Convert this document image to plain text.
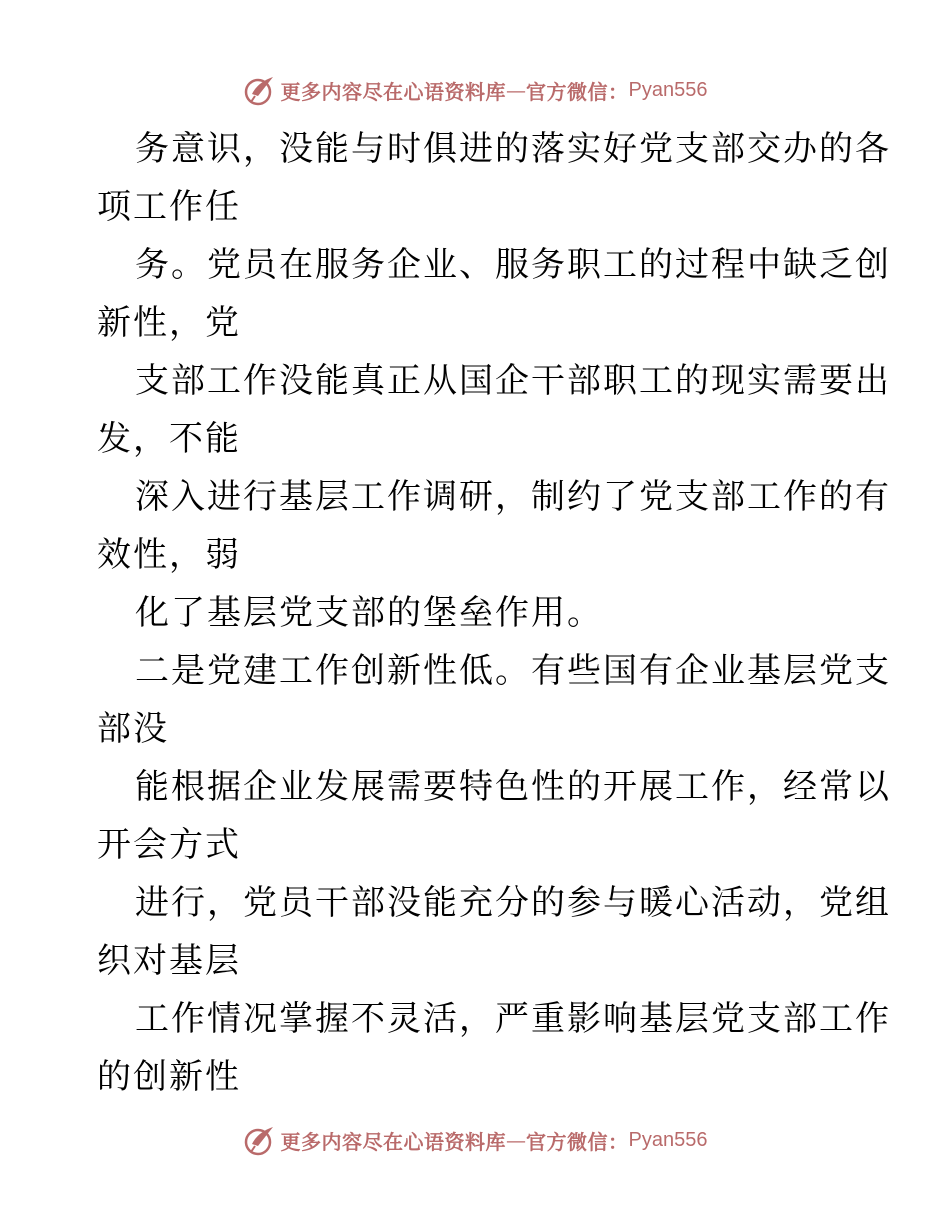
更多内容尽在心语资料库 — 官方微信： Pyan556

务意识，没能与时俱进的落实好党支部交办的各
项工作任

务。党员在服务企业、服务职工的过程中缺乏创
新性，党

支部工作没能真正从国企干部职工的现实需要出
发，不能

深入进行基层工作调研，制约了党支部工作的有
效性，弱

化了基层党支部的堡垒作用。

二是党建工作创新性低。有些国有企业基层党支
部没

能根据企业发展需要特色性的开展工作，经常以
开会方式

进行，党员干部没能充分的参与暖心活动，党组
织对基层

工作情况掌握不灵活，严重影响基层党支部工作
的创新性

更多内容尽在心语资料库 — 官方微信： Pyan556
